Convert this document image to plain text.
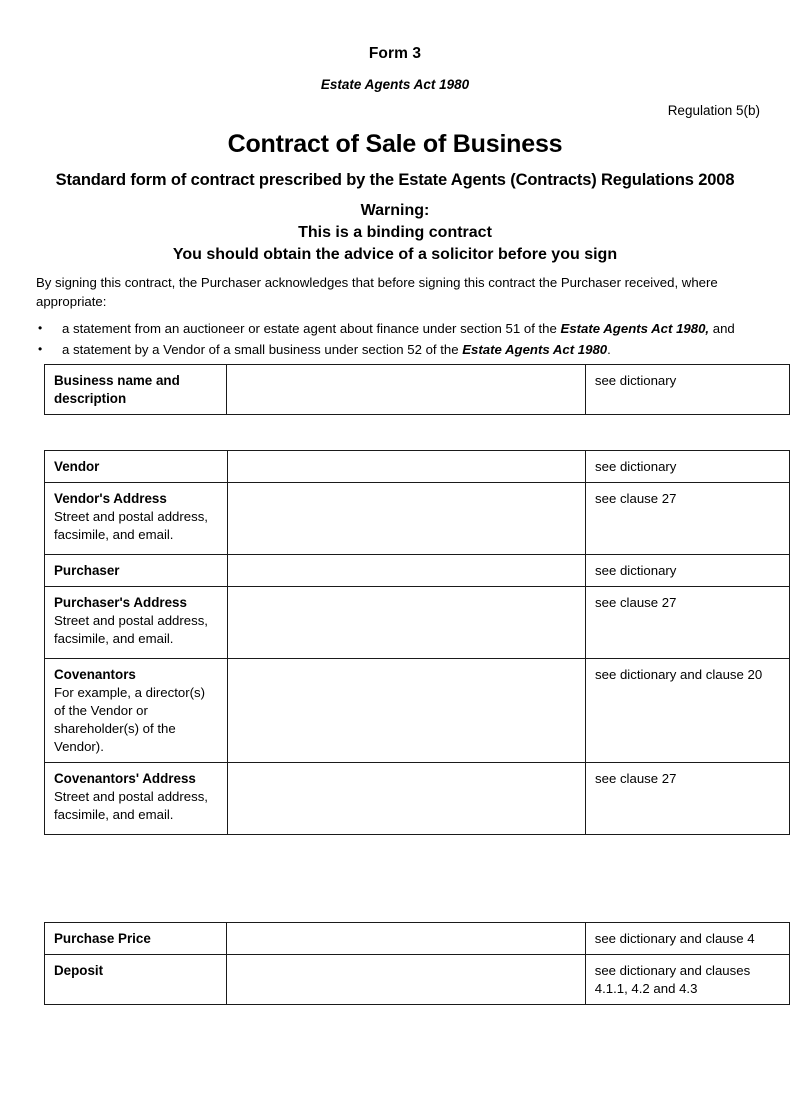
Form 3
Estate Agents Act 1980
Regulation 5(b)
Contract of Sale of Business
Standard form of contract prescribed by the Estate Agents (Contracts) Regulations 2008
Warning:
This is a binding contract
You should obtain the advice of a solicitor before you sign
By signing this contract, the Purchaser acknowledges that before signing this contract the Purchaser received, where appropriate:
• a statement from an auctioneer or estate agent about finance under section 51 of the Estate Agents Act 1980, and
• a statement by a Vendor of a small business under section 52 of the Estate Agents Act 1980.
Business name and
description
		see dictionary
Vendor		see dictionary

Vendor's Address
Street and postal address, facsimile, and email.		see clause 27

Purchaser		see dictionary

Purchaser's Address
Street and postal address, facsimile, and email.		see clause 27

Covenantors
For example, a director(s) of the Vendor or shareholder(s) of the Vendor).		see dictionary and clause 20

Covenantors' Address
Street and postal address, facsimile, and email.		see clause 27
Purchase Price		see dictionary and clause 4

Deposit		see dictionary and clauses 4.1.1, 4.2 and 4.3
